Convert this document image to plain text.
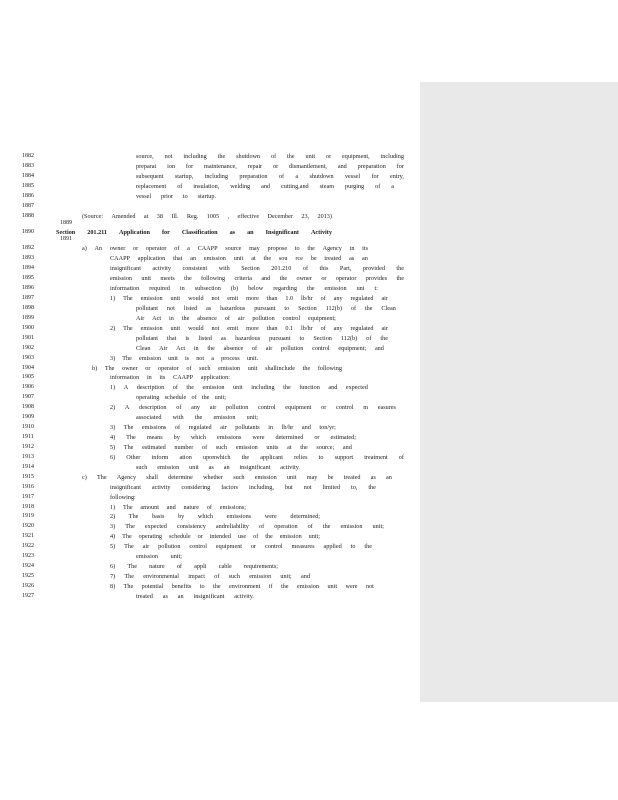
1882	source, not including the shutdown of the unit or equipment, including
1883	preparat ion for maintenance, repair or dismantlement, and preparation for
1884	subsequent startup, including preparation of a shutdown vessel for entry,
1885	replacement of insulation, welding and cutting,and steam purging of a
1886	vessel prior to startup.
1887
1888	(Source: Amended at 38 Ill. Reg. 1005 , effective December 23, 2013)
1889
1890	Section 201.211 Application for Classification as an Insignificant Activity
1891
1892	a) An owner or operator of a CAAPP source may propose to the Agency in its
1893	CAAPP application that an emission unit at the sou rce be treated as an
1894	insignificant activity consistent with Section 201.210 of this Part, provided the
1895	emission unit meets the following criteria and the owner or operator provides the
1896	information required in subsection (b) below regarding the emission uni t:
1897	1) The emission unit would not emit more than 1.0 lb/hr of any regulated air
1898	pollutant not listed as hazardous pursuant to Section 112(b) of the Clean
1899	Air Act in the absence of air pollution control equipment;
1900	2) The emission unit would not emit more than 0.1 lb/hr of any regulated air
1901	pollutant that is listed as hazardous pursuant to Section 112(b) of the
1902	Clean Air Act in the absence of air pollution control equipment; and
1903	3) The emission unit is not a process unit.
1904	b) The owner or operator of such emission unit shallinclude the following
1905	information in its CAAPP application:
1906	1) A description of the emission unit including the function and expected
1907	operating schedule of the unit;
1908	2) A description of any air pollution control equipment or control m easures
1909	associated with the emission unit;
1910	3) The emissions of regulated air pollutants in lb/hr and ton/yr;
1911	4) The means by which emissions were determined or estimated;
1912	5) The estimated number of such emission units at the source; and
1913	6) Other inform ation uponwhich the applicant relies to support treatment of
1914	such emission unit as an insignificant activity.
1915	c) The Agency shall determine whether such emission unit may be treated as an
1916	insignificant activity considering factors including, but not limited to, the
1917	following:
1918	1) The amount and nature of emissions;
1919	2) The basis by which emissions were determined;
1920	3) The expected consistency andreliability of operation of the emission unit;
1921	4) The operating schedule or intended use of the emission unit;
1922	5) The air pollution control equipment or control measures applied to the
1923	emission unit;
1924	6) The nature of appli cable requirements;
1925	7) The environmental impact of such emission unit; and
1926	8) The potential benefits to the environment if the emission unit were not
1927	treated as an insignificant activity.
